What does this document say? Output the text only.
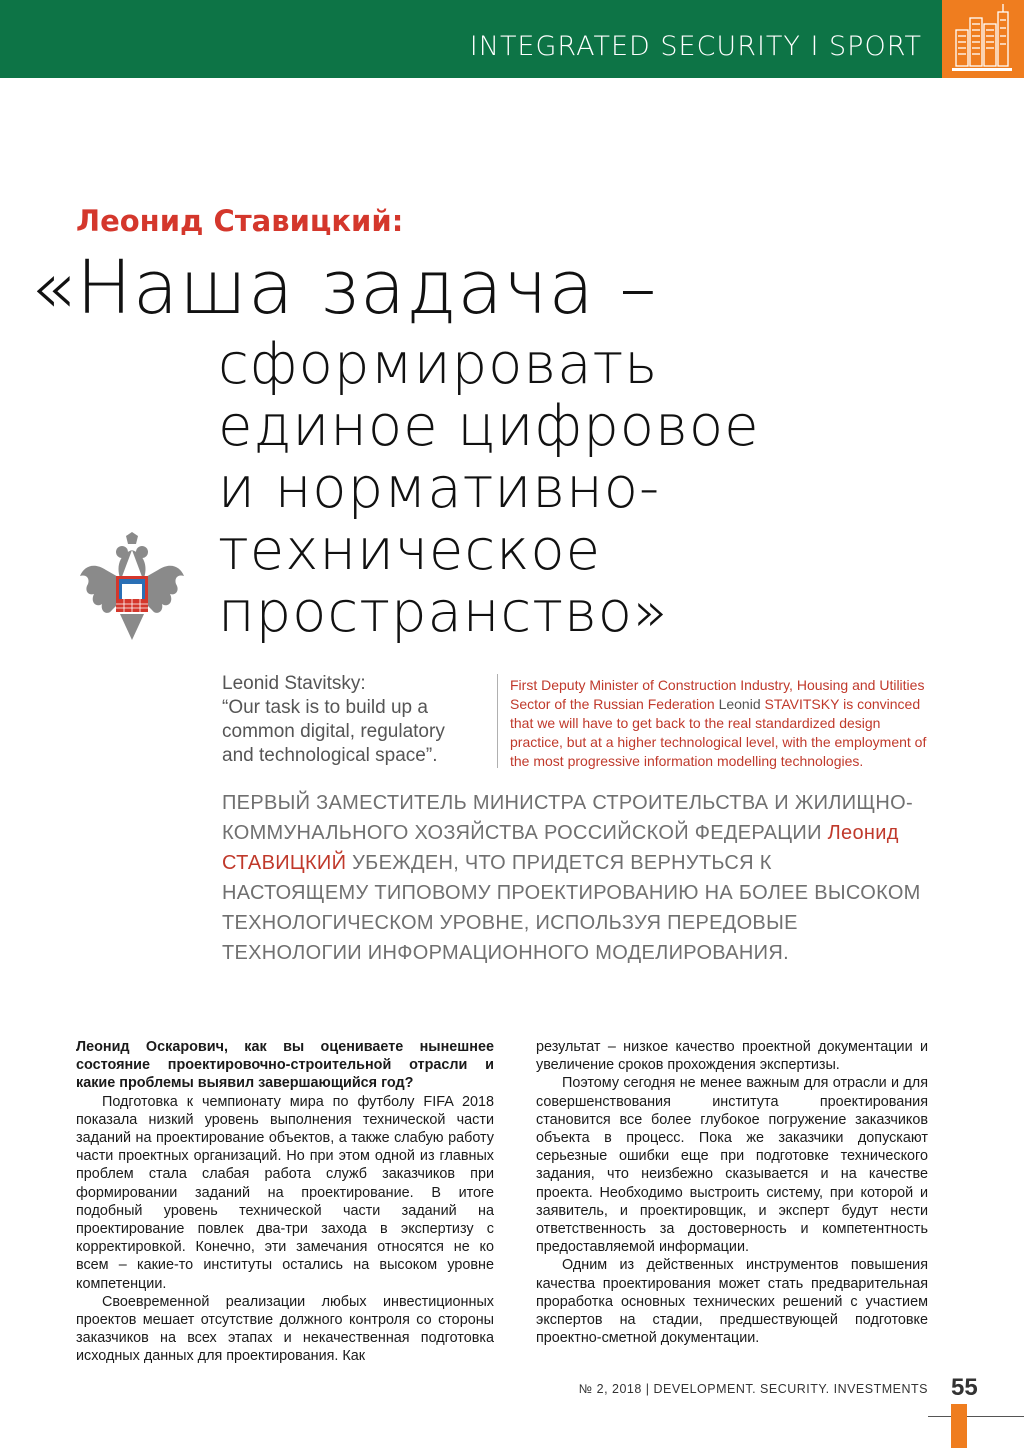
INTEGRATED SECURITY I SPORT
Леонид Ставицкий:
«Наша задача –
сформировать
единое цифровое
и нормативно-
техническое
пространство»
Leonid Stavitsky:
“Our task is to build up a
common digital, regulatory
and technological space”.
First Deputy Minister of Construction Industry, Housing and Utilities Sector of the Russian Federation Leonid STAVITSKY is convinced that we will have to get back to the real standardized design practice, but at a higher technological level, with the employment of the most progressive information modelling technologies.
ПЕРВЫЙ ЗАМЕСТИТЕЛЬ МИНИСТРА СТРОИТЕЛЬСТВА И ЖИЛИЩНО-КОММУНАЛЬНОГО ХОЗЯЙСТВА РОССИЙСКОЙ ФЕДЕРАЦИИ Леонид СТАВИЦКИЙ УБЕЖДЕН, ЧТО ПРИДЕТСЯ ВЕРНУТЬСЯ К НАСТОЯЩЕМУ ТИПОВОМУ ПРОЕКТИРОВАНИЮ НА БОЛЕЕ ВЫСОКОМ ТЕХНОЛОГИЧЕСКОМ УРОВНЕ, ИСПОЛЬЗУЯ ПЕРЕДОВЫЕ ТЕХНОЛОГИИ ИНФОРМАЦИОННОГО МОДЕЛИРОВАНИЯ.

Леонид Оскарович, как вы оцениваете нынешнее состояние проектировочно-строительной отрасли и какие проблемы выявил завершающийся год?

Подготовка к чемпионату мира по футболу FIFA 2018 показала низкий уровень выполнения технической части заданий на проектирование объектов, а также слабую работу части проектных организаций. Но при этом одной из главных проблем стала слабая работа служб заказчиков при формировании заданий на проектирование. В итоге подобный уровень технической части заданий на проектирование повлек два-три захода в экспертизу с корректировкой. Конечно, эти замечания относятся не ко всем – какие-то институты остались на высоком уровне компетенции.

Своевременной реализации любых инвестиционных проектов мешает отсутствие должного контроля со стороны заказчиков на всех этапах и некачественная подготовка исходных данных для проектирования. Как

результат – низкое качество проектной документации и увеличение сроков прохождения экспертизы.

Поэтому сегодня не менее важным для отрасли и для совершенствования института проектирования становится все более глубокое погружение заказчиков объекта в процесс. Пока же заказчики допускают серьезные ошибки еще при подготовке технического задания, что неизбежно сказывается и на качестве проекта. Необходимо выстроить систему, при которой и заявитель, и проектировщик, и эксперт будут нести ответственность за достоверность и компетентность предоставляемой информации.

Одним из действенных инструментов повышения качества проектирования может стать предварительная проработка основных технических решений с участием экспертов на стадии, предшествующей подготовке проектно-сметной документации.

№ 2, 2018 | DEVELOPMENT. SECURITY. INVESTMENTS 55
